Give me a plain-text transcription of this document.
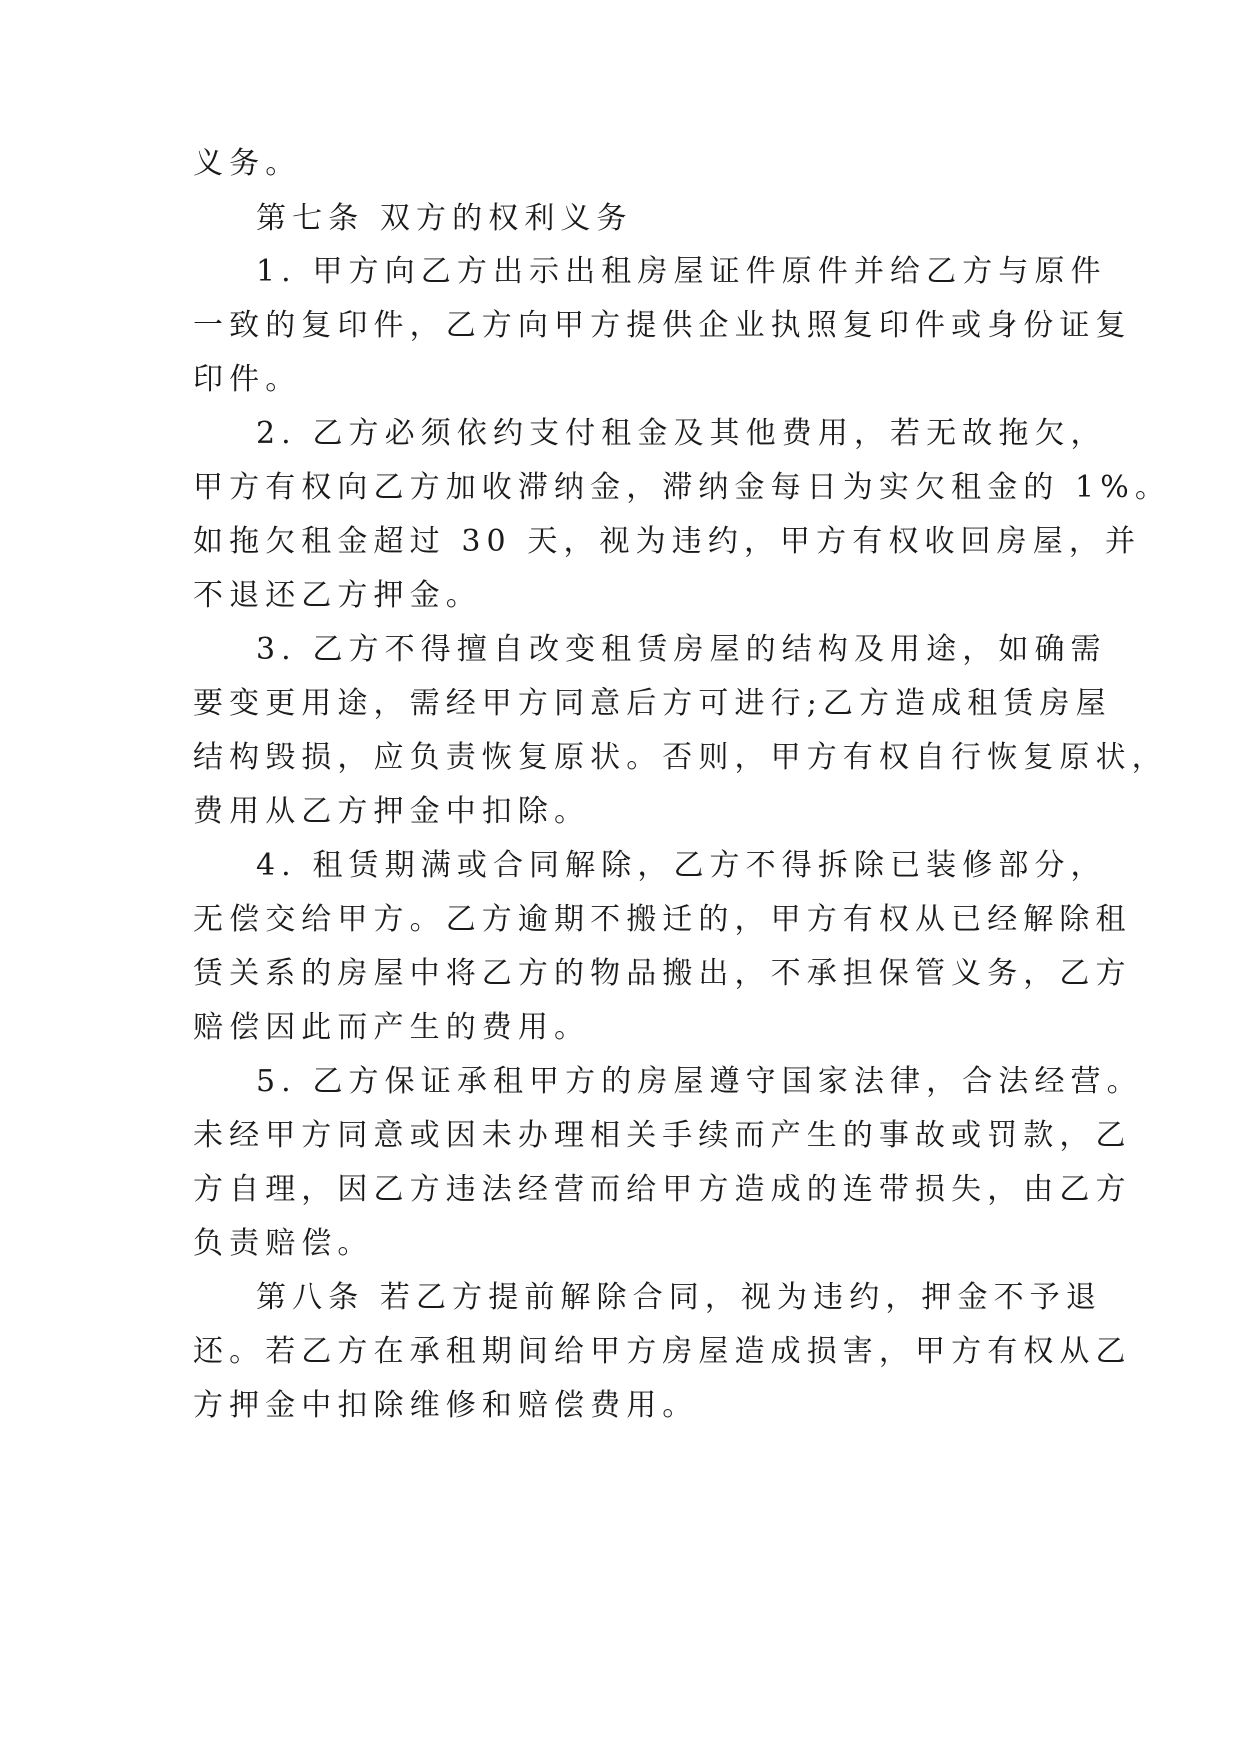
义务。
第七条 双方的权利义务
1. 甲方向乙方出示出租房屋证件原件并给乙方与原件
一致的复印件，乙方向甲方提供企业执照复印件或身份证复
印件。
2. 乙方必须依约支付租金及其他费用，若无故拖欠，
甲方有权向乙方加收滞纳金，滞纳金每日为实欠租金的 1%。
如拖欠租金超过 30 天，视为违约，甲方有权收回房屋，并
不退还乙方押金。
3. 乙方不得擅自改变租赁房屋的结构及用途，如确需
要变更用途，需经甲方同意后方可进行;乙方造成租赁房屋
结构毁损，应负责恢复原状。否则，甲方有权自行恢复原状，
费用从乙方押金中扣除。
4. 租赁期满或合同解除，乙方不得拆除已装修部分，
无偿交给甲方。乙方逾期不搬迁的，甲方有权从已经解除租
赁关系的房屋中将乙方的物品搬出，不承担保管义务，乙方
赔偿因此而产生的费用。
5. 乙方保证承租甲方的房屋遵守国家法律，合法经营。
未经甲方同意或因未办理相关手续而产生的事故或罚款，乙
方自理，因乙方违法经营而给甲方造成的连带损失，由乙方
负责赔偿。
第八条 若乙方提前解除合同，视为违约，押金不予退
还。若乙方在承租期间给甲方房屋造成损害，甲方有权从乙
方押金中扣除维修和赔偿费用。
